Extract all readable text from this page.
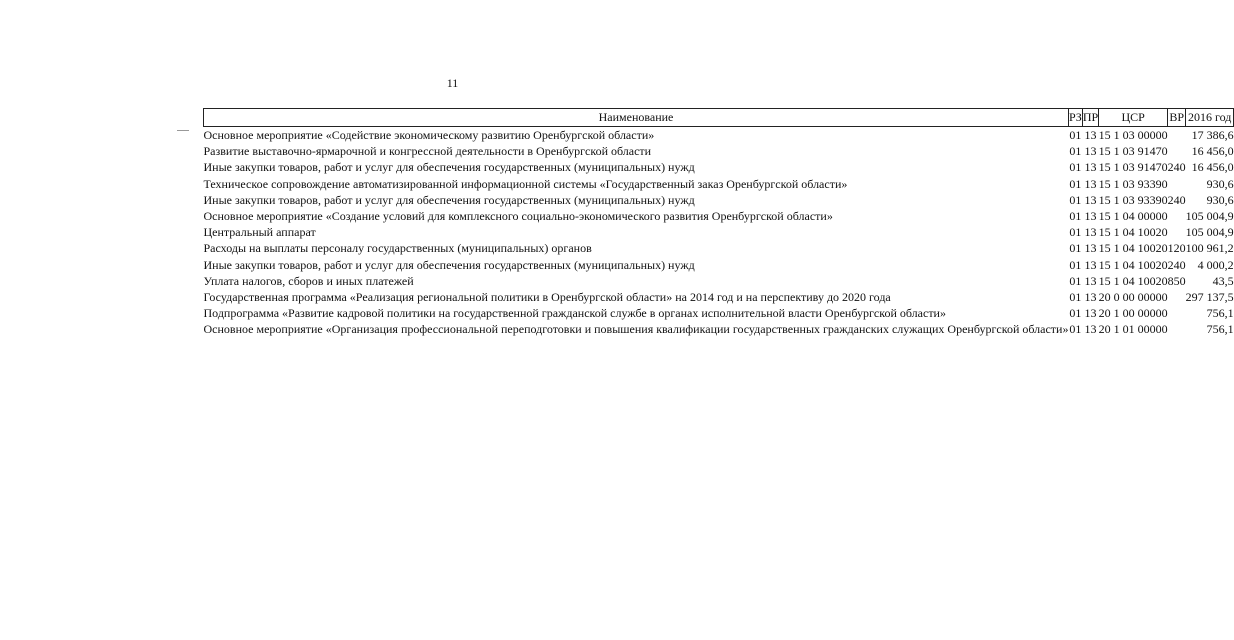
11
Наименование	РЗ	ПР	ЦСР	ВР	2016 год
Основное мероприятие «Содействие экономическому развитию Оренбургской области»	01	13	15 1 03 00000		17 386,6
Развитие выставочно-ярмарочной и конгрессной деятельности в Оренбургской области	01	13	15 1 03 91470		16 456,0
Иные закупки товаров, работ и услуг для обеспечения государственных (муниципальных) нужд	01	13	15 1 03 91470	240	16 456,0
Техническое сопровождение автоматизированной информационной системы «Государственный заказ Оренбургской области»	01	13	15 1 03 93390		930,6
Иные закупки товаров, работ и услуг для обеспечения государственных (муниципальных) нужд	01	13	15 1 03 93390	240	930,6
Основное мероприятие «Создание условий для комплексного социально-экономического развития Оренбургской области»	01	13	15 1 04 00000		105 004,9
Центральный аппарат	01	13	15 1 04 10020		105 004,9
Расходы на выплаты персоналу государственных (муниципальных) органов	01	13	15 1 04 10020	120	100 961,2
Иные закупки товаров, работ и услуг для обеспечения государственных (муниципальных) нужд	01	13	15 1 04 10020	240	4 000,2
Уплата налогов, сборов и иных платежей	01	13	15 1 04 10020	850	43,5
Государственная программа «Реализация региональной политики в Оренбургской области» на 2014 год и на перспективу до 2020 года	01	13	20 0 00 00000		297 137,5
Подпрограмма «Развитие кадровой политики на государственной гражданской службе в органах исполнительной власти Оренбургской области»	01	13	20 1 00 00000		756,1
Основное мероприятие «Организация профессиональной переподготовки и повышения квалификации государственных гражданских служащих Оренбургской области»	01	13	20 1 01 00000		756,1
